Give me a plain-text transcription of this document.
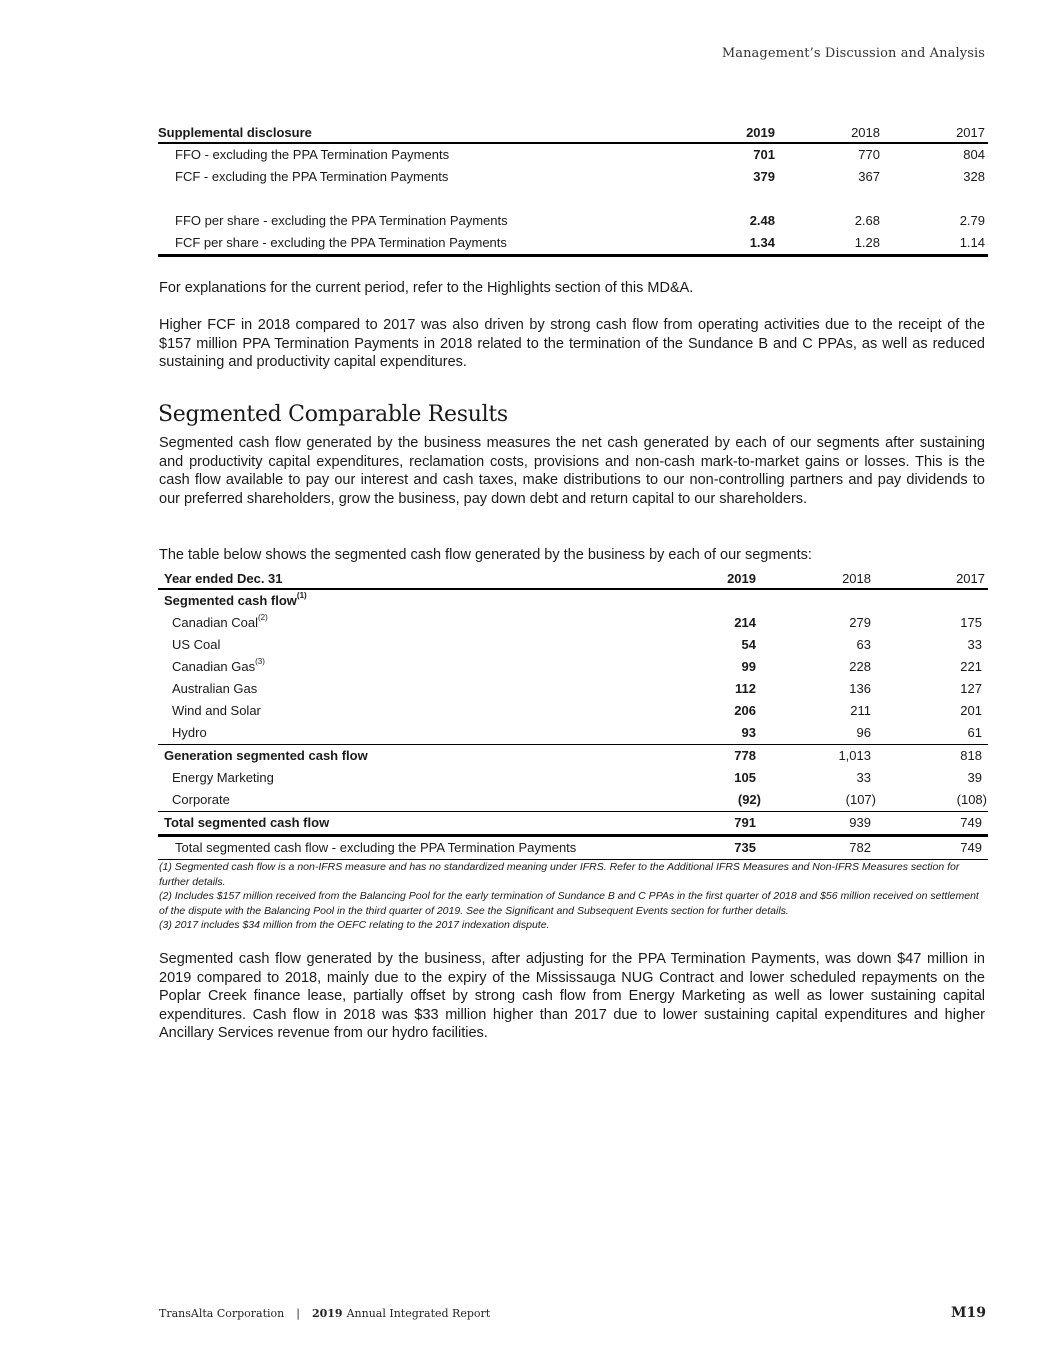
Management’s Discussion and Analysis
Supplemental disclosure	2019	2018	2017
FFO - excluding the PPA Termination Payments	701	770	804
FCF - excluding the PPA Termination Payments	379	367	328

FFO per share - excluding the PPA Termination Payments	2.48	2.68	2.79
FCF per share - excluding the PPA Termination Payments	1.34	1.28	1.14

For explanations for the current period, refer to the Highlights section of this MD&A.

Higher FCF in 2018 compared to 2017 was also driven by strong cash flow from operating activities due to the receipt of the $157 million PPA Termination Payments in 2018 related to the termination of the Sundance B and C PPAs, as well as reduced sustaining and productivity capital expenditures.

Segmented Comparable Results

Segmented cash flow generated by the business measures the net cash generated by each of our segments after sustaining and productivity capital expenditures, reclamation costs, provisions and non-cash mark-to-market gains or losses. This is the cash flow available to pay our interest and cash taxes, make distributions to our non-controlling partners and pay dividends to our preferred shareholders, grow the business, pay down debt and return capital to our shareholders.

The table below shows the segmented cash flow generated by the business by each of our segments:

Year ended Dec. 31	2019	2018	2017
Segmented cash flow$^{(1)}$
Canadian Coal$^{(2)}$	214	279	175
US Coal	54	63	33
Canadian Gas$^{(3)}$	99	228	221
Australian Gas	112	136	127
Wind and Solar	206	211	201
Hydro	93	96	61
Generation segmented cash flow	778	1,013	818
Energy Marketing	105	33	39
Corporate	(92)	(107)	(108)
Total segmented cash flow	791	939	749
Total segmented cash flow - excluding the PPA Termination Payments	735	782	749
(1) Segmented cash flow is a non-IFRS measure and has no standardized meaning under IFRS. Refer to the Additional IFRS Measures and Non-IFRS Measures section for further details.
(2) Includes $157 million received from the Balancing Pool for the early termination of Sundance B and C PPAs in the first quarter of 2018 and $56 million received on settlement of the dispute with the Balancing Pool in the third quarter of 2019. See the Significant and Subsequent Events section for further details.
(3) 2017 includes $34 million from the OEFC relating to the 2017 indexation dispute.

Segmented cash flow generated by the business, after adjusting for the PPA Termination Payments, was down $47 million in 2019 compared to 2018, mainly due to the expiry of the Mississauga NUG Contract and lower scheduled repayments on the Poplar Creek finance lease, partially offset by strong cash flow from Energy Marketing as well as lower sustaining capital expenditures. Cash flow in 2018 was $33 million higher than 2017 due to lower sustaining capital expenditures and higher Ancillary Services revenue from our hydro facilities.

TransAlta Corporation | 2019 Annual Integrated Report	M19
